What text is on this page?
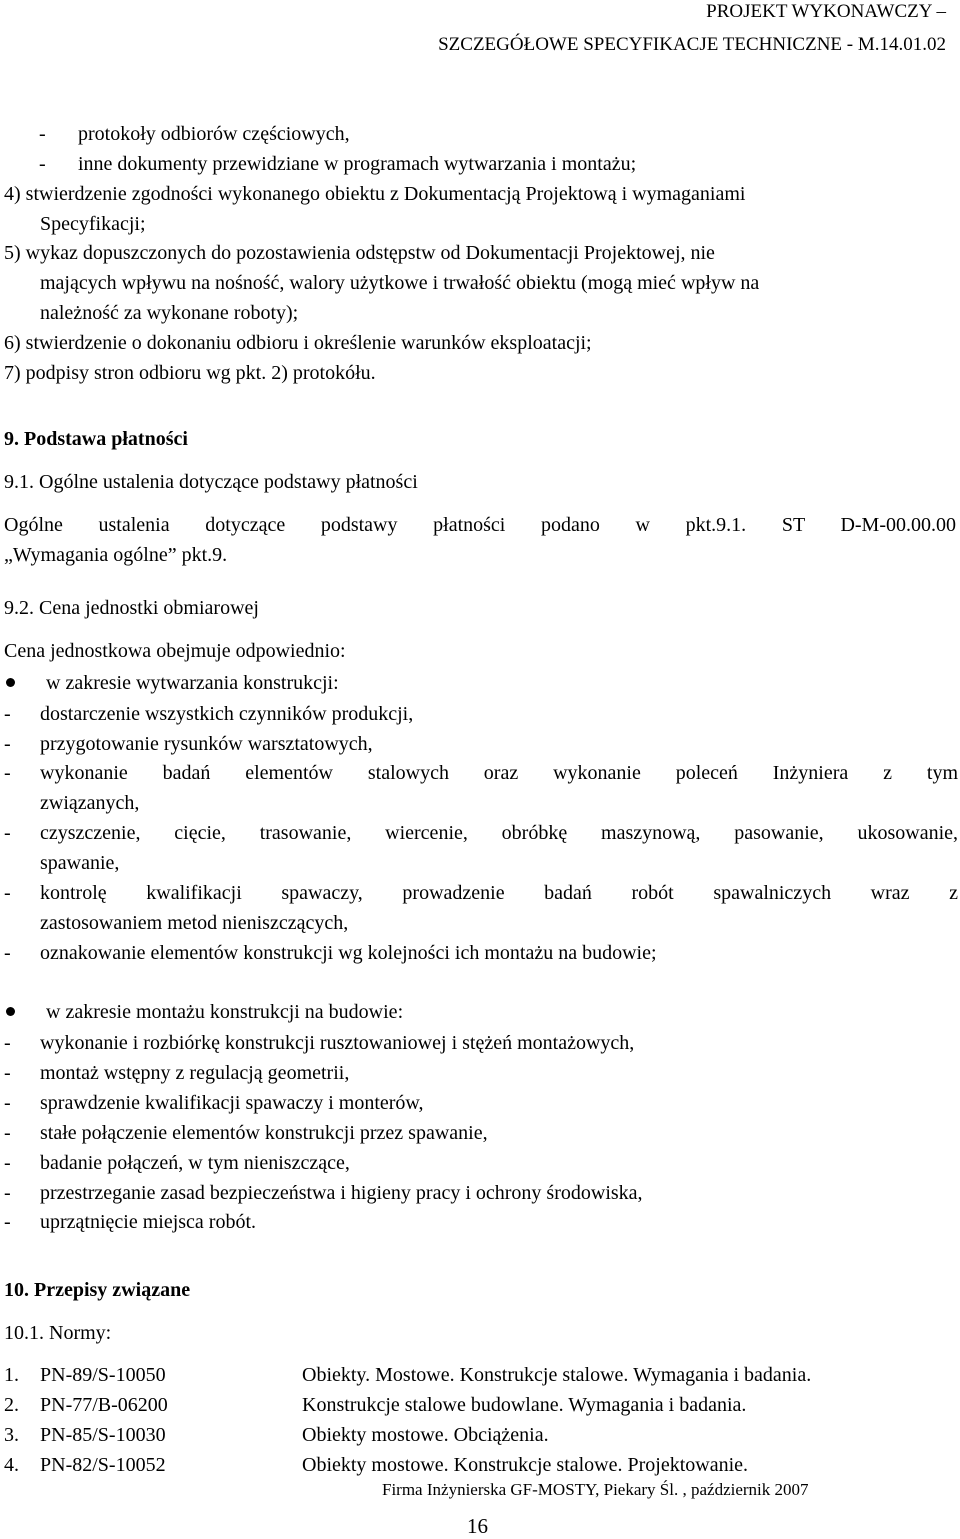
PROJEKT WYKONAWCZY –
SZCZEGÓŁOWE SPECYFIKACJE TECHNICZNE - M.14.01.02
- protokoły odbiorów częściowych,
- inne dokumenty przewidziane w programach wytwarzania i montażu;
4) stwierdzenie zgodności wykonanego obiektu z Dokumentacją Projektową i wymaganiami
Specyfikacji;
5) wykaz dopuszczonych do pozostawienia odstępstw od Dokumentacji Projektowej, nie
mających wpływu na nośność, walory użytkowe i trwałość obiektu (mogą mieć wpływ na
należność za wykonane roboty);
6) stwierdzenie o dokonaniu odbioru i określenie warunków eksploatacji;
7) podpisy stron odbioru wg pkt. 2) protokółu.
9. Podstawa płatności
9.1. Ogólne ustalenia dotyczące podstawy płatności
Ogólne ustalenia dotyczące podstawy płatności podano w pkt.9.1. ST D-M-00.00.00
„Wymagania ogólne” pkt.9.
9.2. Cena jednostki obmiarowej
Cena jednostkowa obejmuje odpowiednio:
w zakresie wytwarzania konstrukcji:
- dostarczenie wszystkich czynników produkcji,
- przygotowanie rysunków warsztatowych,
- wykonanie badań elementów stalowych oraz wykonanie poleceń Inżyniera z tym
związanych,
- czyszczenie, cięcie, trasowanie, wiercenie, obróbkę maszynową, pasowanie, ukosowanie,
spawanie,
- kontrolę kwalifikacji spawaczy, prowadzenie badań robót spawalniczych wraz z
zastosowaniem metod nieniszczących,
- oznakowanie elementów konstrukcji wg kolejności ich montażu na budowie;
w zakresie montażu konstrukcji na budowie:
- wykonanie i rozbiórkę konstrukcji rusztowaniowej i stężeń montażowych,
- montaż wstępny z regulacją geometrii,
- sprawdzenie kwalifikacji spawaczy i monterów,
- stałe połączenie elementów konstrukcji przez spawanie,
- badanie połączeń, w tym nieniszczące,
- przestrzeganie zasad bezpieczeństwa i higieny pracy i ochrony środowiska,
- uprzątnięcie miejsca robót.
10. Przepisy związane
10.1. Normy:
1. PN-89/S-10050	Obiekty. Mostowe. Konstrukcje stalowe. Wymagania i badania.
2. PN-77/B-06200	Konstrukcje stalowe budowlane. Wymagania i badania.
3. PN-85/S-10030	Obiekty mostowe. Obciążenia.
4. PN-82/S-10052	Obiekty mostowe. Konstrukcje stalowe. Projektowanie.
Firma Inżynierska GF-MOSTY, Piekary Śl. , październik 2007
16
